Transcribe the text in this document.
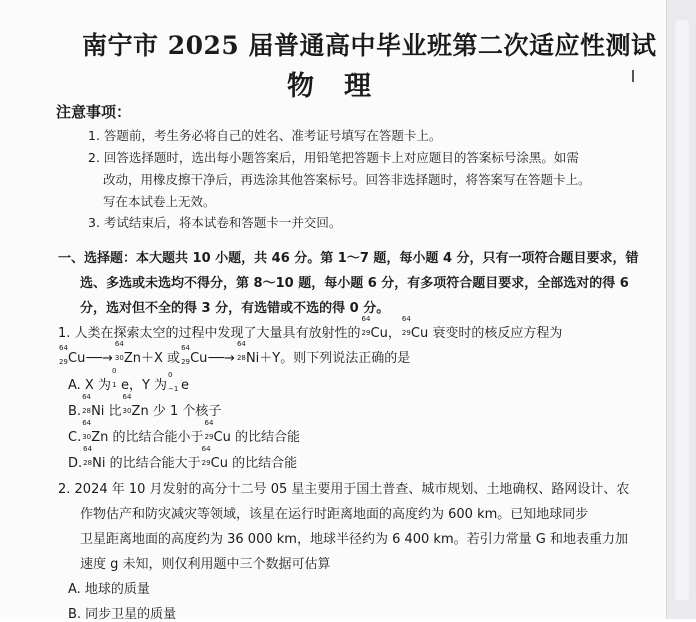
南宁市 2025 届普通高中毕业班第二次适应性测试
物理
注意事项：
1. 答题前，考生务必将自己的姓名、准考证号填写在答题卡上。
2. 回答选择题时，选出每小题答案后，用铅笔把答题卡上对应题目的答案标号涂黑。如需
改动，用橡皮擦干净后，再选涂其他答案标号。回答非选择题时，将答案写在答题卡上。
写在本试卷上无效。
3. 考试结束后，将本试卷和答题卡一并交回。
一、选择题：本大题共 10 小题，共 46 分。第 1～7 题，每小题 4 分，只有一项符合题目要求，错
选、多选或未选均不得分，第 8～10 题，每小题 6 分，有多项符合题目要求，全部选对的得 6
分，选对但不全的得 3 分，有选错或不选的得 0 分。
1. 人类在探索太空的过程中发现了大量具有放射性的
64
29 Cu，
64
29 Cu 衰变时的核反应方程为
64
29 Cu──→
64
30 Zn＋X 或
64
29 Cu──→
64
28 Ni＋Y。则下列说法正确的是
A. X 为
0
1 e，Y 为
0
−1 e
B.
64
28 Ni 比
64
30 Zn 少 1 个核子
C.
64
30 Zn 的比结合能小于
64
29 Cu 的比结合能
D.
64
28 Ni 的比结合能大于
64
29 Cu 的比结合能
2. 2024 年 10 月发射的高分十二号 05 星主要用于国土普查、城市规划、土地确权、路网设计、农
作物估产和防灾减灾等领域，该星在运行时距离地面的高度约为 600 km。已知地球同步
卫星距离地面的高度约为 36 000 km，地球半径约为 6 400 km。若引力常量 G 和地表重力加
速度 g 未知，则仅利用题中三个数据可估算
A. 地球的质量
B. 同步卫星的质量
